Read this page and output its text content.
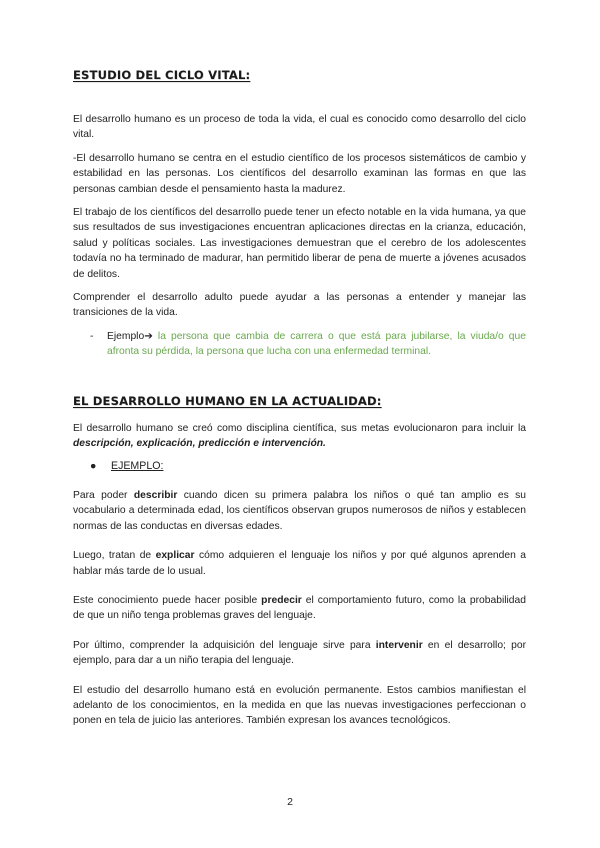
ESTUDIO DEL CICLO VITAL:

El desarrollo humano es un proceso de toda la vida, el cual es conocido como desarrollo del ciclo vital.

-El desarrollo humano se centra en el estudio científico de los procesos sistemáticos de cambio y estabilidad en las personas. Los científicos del desarrollo examinan las formas en que las personas cambian desde el pensamiento hasta la madurez.

El trabajo de los científicos del desarrollo puede tener un efecto notable en la vida humana, ya que sus resultados de sus investigaciones encuentran aplicaciones directas en la crianza, educación, salud y políticas sociales. Las investigaciones demuestran que el cerebro de los adolescentes todavía no ha terminado de madurar, han permitido liberar de pena de muerte a jóvenes acusados de delitos.

Comprender el desarrollo adulto puede ayudar a las personas a entender y manejar las transiciones de la vida.

- Ejemplo➔ la persona que cambia de carrera o que está para jubilarse, la viuda/o que afronta su pérdida, la persona que lucha con una enfermedad terminal.

EL DESARROLLO HUMANO EN LA ACTUALIDAD:

El desarrollo humano se creó como disciplina científica, sus metas evolucionaron para incluir la descripción, explicación, predicción e intervención.

● EJEMPLO:

Para poder describir cuando dicen su primera palabra los niños o qué tan amplio es su vocabulario a determinada edad, los científicos observan grupos numerosos de niños y establecen normas de las conductas en diversas edades.

Luego, tratan de explicar cómo adquieren el lenguaje los niños y por qué algunos aprenden a hablar más tarde de lo usual.

Este conocimiento puede hacer posible predecir el comportamiento futuro, como la probabilidad de que un niño tenga problemas graves del lenguaje.

Por último, comprender la adquisición del lenguaje sirve para intervenir en el desarrollo; por ejemplo, para dar a un niño terapia del lenguaje.

El estudio del desarrollo humano está en evolución permanente. Estos cambios manifiestan el adelanto de los conocimientos, en la medida en que las nuevas investigaciones perfeccionan o ponen en tela de juicio las anteriores. También expresan los avances tecnológicos.

2
